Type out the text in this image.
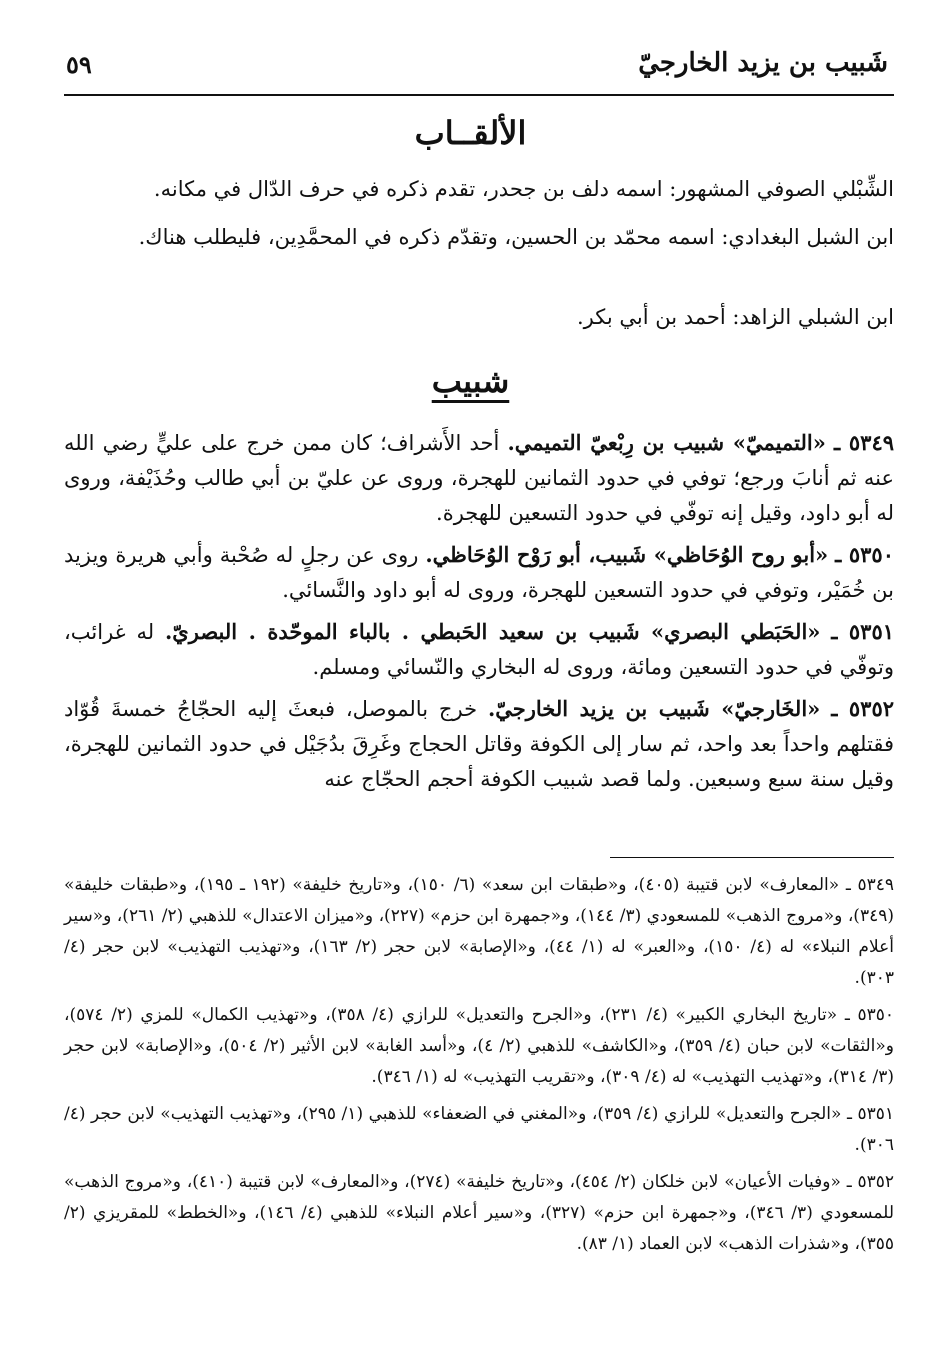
شَبيب بن يزيد الخارجيّ
٥٩
الألقــاب
الشِّبْلي الصوفي المشهور: اسمه دلف بن جحدر، تقدم ذكره في حرف الدّال في مكانه.
ابن الشبل البغدادي: اسمه محمّد بن الحسين، وتقدّم ذكره في المحمَّدِين، فليطلب هناك.
ابن الشبلي الزاهد: أحمد بن أبي بكر.
شبيب

٥٣٤٩ ـ «التميميّ» شبيب بن رِبْعيّ التميمي. أحد الأَشراف؛ كان ممن خرج على عليٍّ رضي الله عنه ثم أنابَ ورجع؛ توفي في حدود الثمانين للهجرة، وروى عن عليّ بن أبي طالب وحُذَيْفة، وروى له أبو داود، وقيل إنه توفّي في حدود التسعين للهجرة.

٥٣٥٠ ـ «أبو روح الوُحَاظي» شَبيب، أبو رَوْح الوُحَاظي. روى عن رجلٍ له صُحْبة وأبي هريرة ويزيد بن خُمَيْر، وتوفي في حدود التسعين للهجرة، وروى له أبو داود والنَّسائي.

٥٣٥١ ـ «الحَبَطي البصري» شَبيب بن سعيد الحَبطي . بالباء الموحّدة . البصريّ. له غرائب، وتوفّي في حدود التسعين ومائة، وروى له البخاري والنّسائي ومسلم.

٥٣٥٢ ـ «الخَارجيّ» شَبيب بن يزيد الخارجيّ. خرج بالموصل، فبعثَ إليه الحجّاجُ خمسةَ قُوّاد فقتلهم واحداً بعد واحد، ثم سار إلى الكوفة وقاتل الحجاج وغَرِقَ بدُجَيْل في حدود الثمانين للهجرة، وقيل سنة سبع وسبعين. ولما قصد شبيب الكوفة أحجم الحجّاج عنه

٥٣٤٩ ـ «المعارف» لابن قتيبة (٤٠٥)، و«طبقات ابن سعد» (٦/ ١٥٠)، و«تاريخ خليفة» (١٩٢ ـ ١٩٥)، و«طبقات خليفة» (٣٤٩)، و«مروج الذهب» للمسعودي (٣/ ١٤٤)، و«جمهرة ابن حزم» (٢٢٧)، و«ميزان الاعتدال» للذهبي (٢/ ٢٦١)، و«سير أعلام النبلاء» له (٤/ ١٥٠)، و«العبر» له (١/ ٤٤)، و«الإصابة» لابن حجر (٢/ ١٦٣)، و«تهذيب التهذيب» لابن حجر (٤/ ٣٠٣).

٥٣٥٠ ـ «تاريخ البخاري الكبير» (٤/ ٢٣١)، و«الجرح والتعديل» للرازي (٤/ ٣٥٨)، و«تهذيب الكمال» للمزي (٢/ ٥٧٤)، و«الثقات» لابن حبان (٤/ ٣٥٩)، و«الكاشف» للذهبي (٢/ ٤)، و«أسد الغابة» لابن الأثير (٢/ ٥٠٤)، و«الإصابة» لابن حجر (٣/ ٣١٤)، و«تهذيب التهذيب» له (٤/ ٣٠٩)، و«تقريب التهذيب» له (١/ ٣٤٦).

٥٣٥١ ـ «الجرح والتعديل» للرازي (٤/ ٣٥٩)، و«المغني في الضعفاء» للذهبي (١/ ٢٩٥)، و«تهذيب التهذيب» لابن حجر (٤/ ٣٠٦).

٥٣٥٢ ـ «وفيات الأعيان» لابن خلكان (٢/ ٤٥٤)، و«تاريخ خليفة» (٢٧٤)، و«المعارف» لابن قتيبة (٤١٠)، و«مروج الذهب» للمسعودي (٣/ ٣٤٦)، و«جمهرة ابن حزم» (٣٢٧)، و«سير أعلام النبلاء» للذهبي (٤/ ١٤٦)، و«الخطط» للمقريزي (٢/ ٣٥٥)، و«شذرات الذهب» لابن العماد (١/ ٨٣).
